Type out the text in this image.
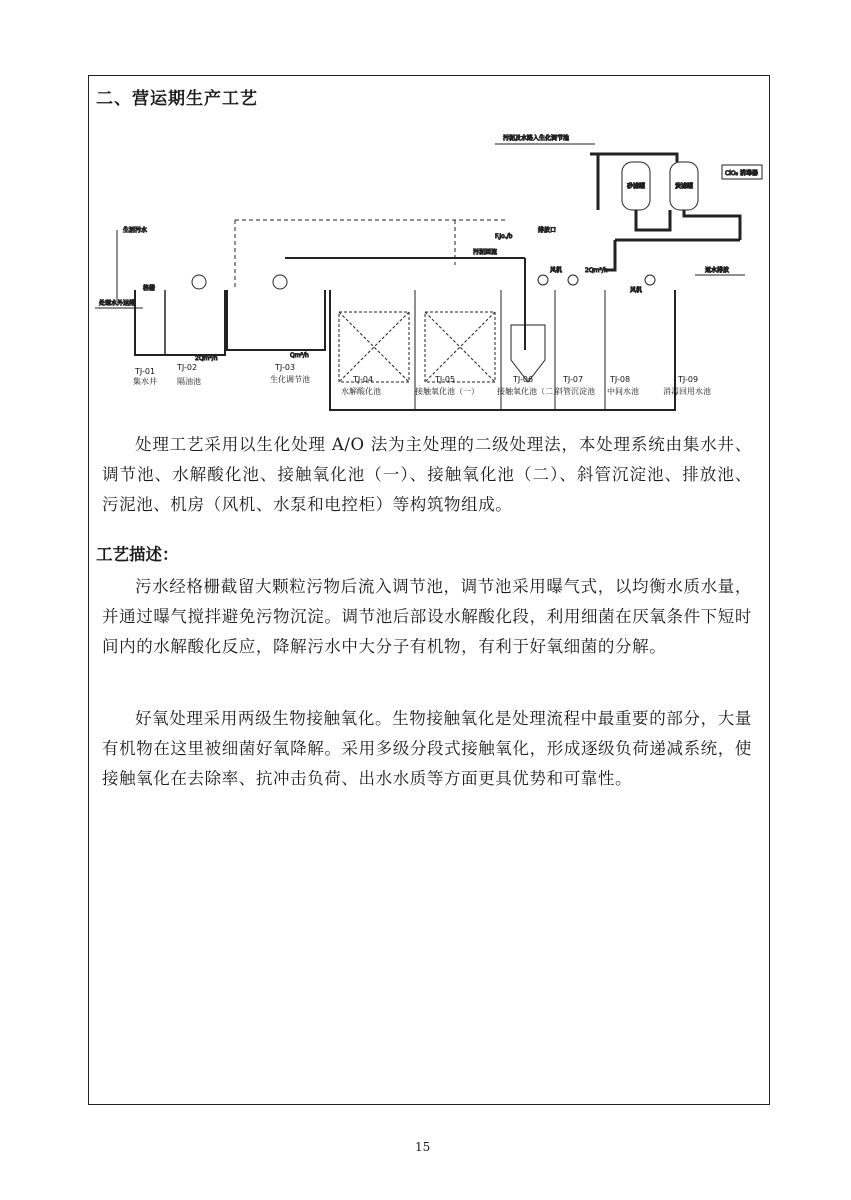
二、营运期生产工艺
污泥及水路入生化调节池
砂滤罐	炭滤罐
ClO₂ 消毒器
F.Jo./b
排放口
污泥回流
生活污水
处理水外运排
格栅
风机
风机
2Qm³/h	Qm³/h
2Qm³/h	返水排放
TJ-01
集水井
TJ-02
隔油池
TJ-03
生化调节池	TJ-04
水解酸化池
TJ-05
接触氧化池（一）
TJ-06
接触氧化池（二）
TJ-07
斜管沉淀池
TJ-08
中间水池
TJ-09
消毒回用水池

处理工艺采用以生化处理 A/O 法为主处理的二级处理法，本处理系统由集水井、调节池、水解酸化池、接触氧化池（一）、接触氧化池（二）、斜管沉淀池、排放池、污泥池、机房（风机、水泵和电控柜）等构筑物组成。

工艺描述：

污水经格栅截留大颗粒污物后流入调节池，调节池采用曝气式，以均衡水质水量，并通过曝气搅拌避免污物沉淀。调节池后部设水解酸化段，利用细菌在厌氧条件下短时间内的水解酸化反应，降解污水中大分子有机物，有利于好氧细菌的分解。

好氧处理采用两级生物接触氧化。生物接触氧化是处理流程中最重要的部分，大量有机物在这里被细菌好氧降解。采用多级分段式接触氧化，形成逐级负荷递减系统，使接触氧化在去除率、抗冲击负荷、出水水质等方面更具优势和可靠性。

15
